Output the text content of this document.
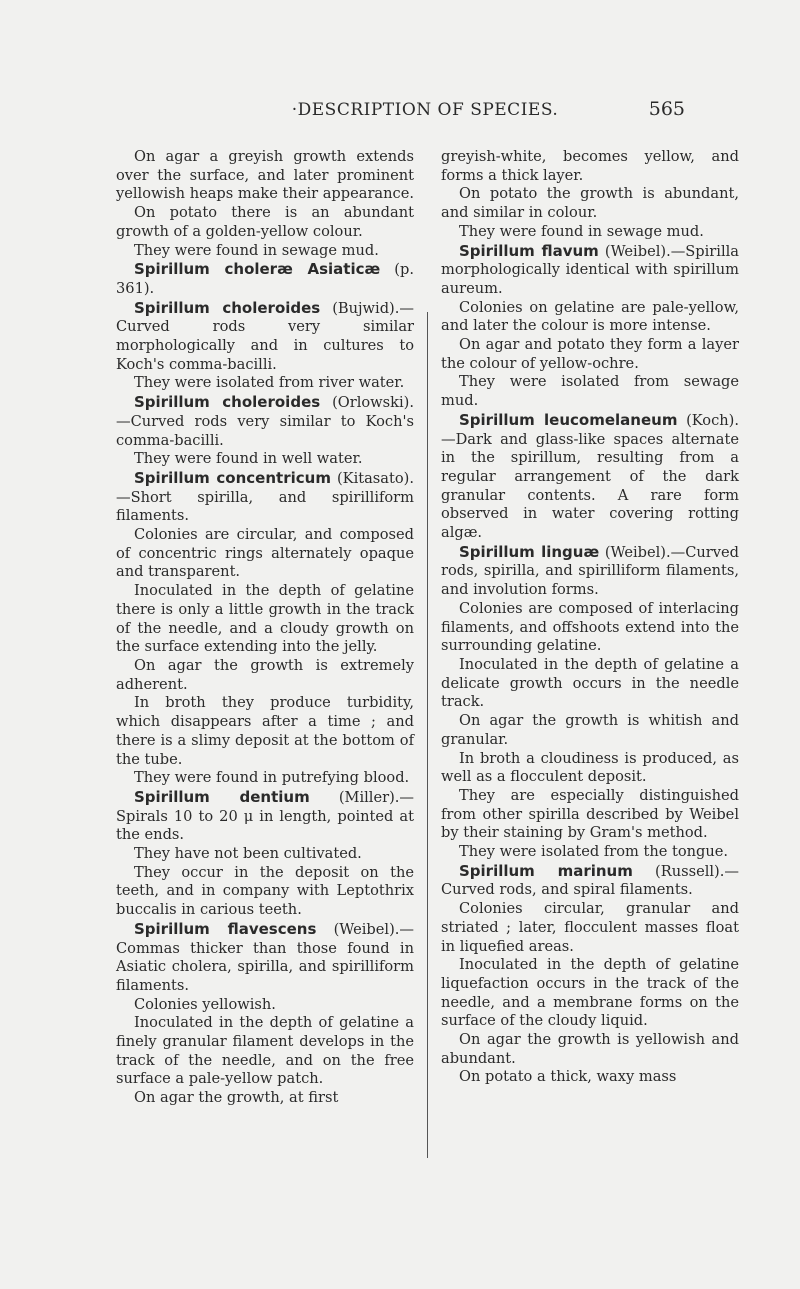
·DESCRIPTION OF SPECIES.	565

On agar a greyish growth extends over the surface, and later prominent yellowish heaps make their appearance.

On potato there is an abundant growth of a golden-yellow colour.

They were found in sewage mud.

Spirillum choleræ Asiaticæ (p. 361).

Spirillum choleroides (Bujwid).—Curved rods very similar morphologically and in cultures to Koch's comma-bacilli.

They were isolated from river water.

Spirillum choleroides (Orlowski).—Curved rods very similar to Koch's comma-bacilli.

They were found in well water.

Spirillum concentricum (Kitasato).—Short spirilla, and spirilliform filaments.

Colonies are circular, and composed of concentric rings alternately opaque and transparent.

Inoculated in the depth of gelatine there is only a little growth in the track of the needle, and a cloudy growth on the surface extending into the jelly.

On agar the growth is extremely adherent.

In broth they produce turbidity, which disappears after a time ; and there is a slimy deposit at the bottom of the tube.

They were found in putrefying blood.

Spirillum dentium (Miller).—Spirals 10 to 20 μ in length, pointed at the ends.

They have not been cultivated.

They occur in the deposit on the teeth, and in company with Leptothrix buccalis in carious teeth.

Spirillum flavescens (Weibel).—Commas thicker than those found in Asiatic cholera, spirilla, and spirilliform filaments.

Colonies yellowish.

Inoculated in the depth of gelatine a finely granular filament develops in the track of the needle, and on the free surface a pale-yellow patch.

On agar the growth, at first

greyish-white, becomes yellow, and forms a thick layer.

On potato the growth is abundant, and similar in colour.

They were found in sewage mud.

Spirillum flavum (Weibel).—Spirilla morphologically identical with spirillum aureum.

Colonies on gelatine are pale-yellow, and later the colour is more intense.

On agar and potato they form a layer the colour of yellow-ochre.

They were isolated from sewage mud.

Spirillum leucomelaneum (Koch).—Dark and glass-like spaces alternate in the spirillum, resulting from a regular arrangement of the dark granular contents. A rare form observed in water covering rotting algæ.

Spirillum linguæ (Weibel).—Curved rods, spirilla, and spirilliform filaments, and involution forms.

Colonies are composed of interlacing filaments, and offshoots extend into the surrounding gelatine.

Inoculated in the depth of gelatine a delicate growth occurs in the needle track.

On agar the growth is whitish and granular.

In broth a cloudiness is produced, as well as a flocculent deposit.

They are especially distinguished from other spirilla described by Weibel by their staining by Gram's method.

They were isolated from the tongue.

Spirillum marinum (Russell).—Curved rods, and spiral filaments.

Colonies circular, granular and striated ; later, flocculent masses float in liquefied areas.

Inoculated in the depth of gelatine liquefaction occurs in the track of the needle, and a membrane forms on the surface of the cloudy liquid.

On agar the growth is yellowish and abundant.

On potato a thick, waxy mass
